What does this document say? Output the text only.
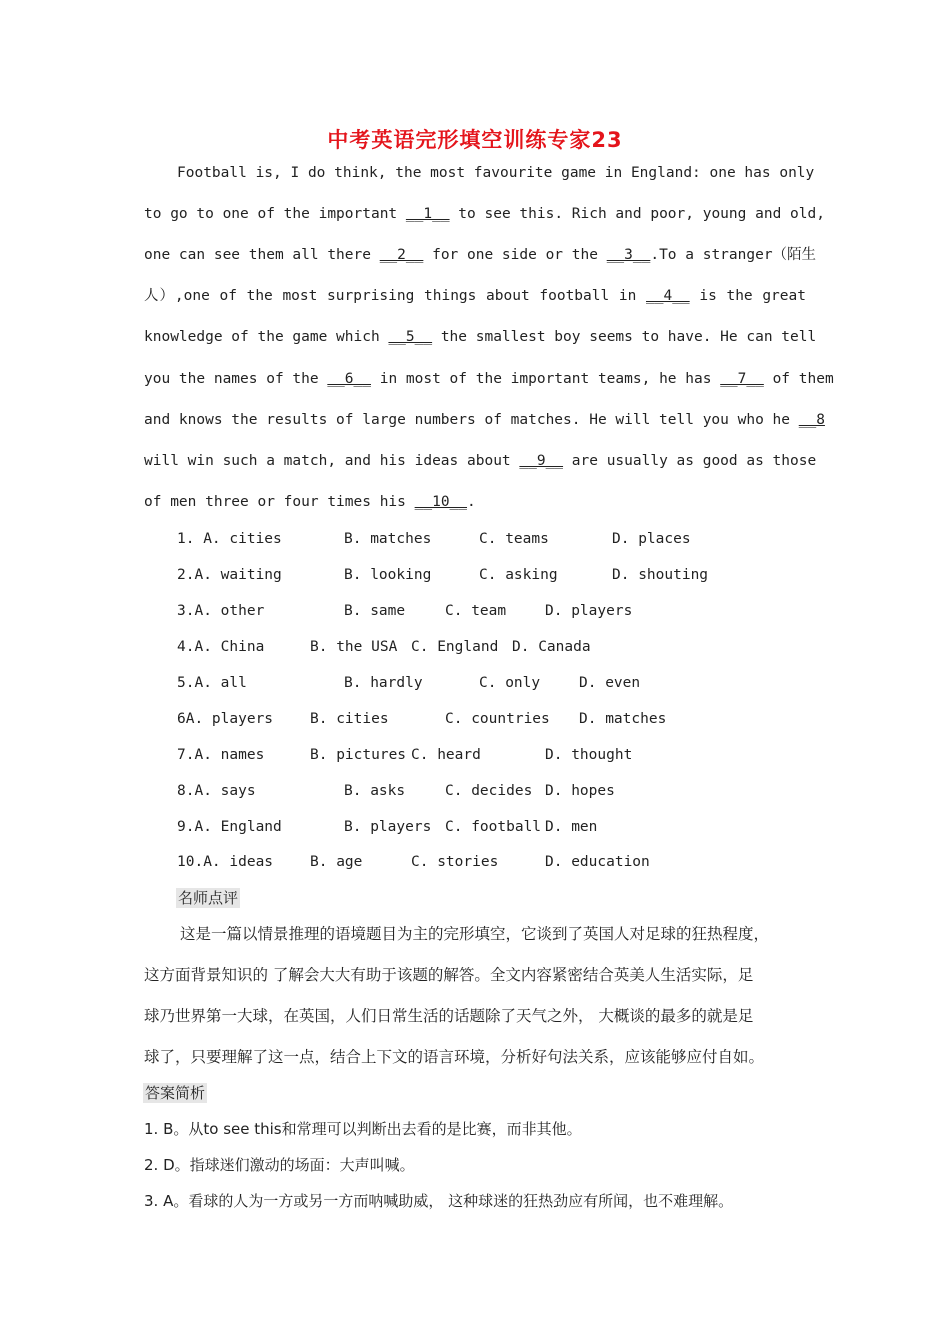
中考英语完形填空训练专家23
Football is, I do think, the most favourite game in England: one has only
to go to one of the important __1__ to see this. Rich and poor, young and old,
one can see them all there __2__ for one side or the __3__.To a stranger（陌生
人）,one of the most surprising things about football in __4__ is the great
knowledge of the game which __5__ the smallest boy seems to have. He can tell
you the names of the __6__ in most of the important teams, he has __7__ of them
and knows the results of large numbers of matches. He will tell you who he __8
will win such a match, and his ideas about __9__ are usually as good as those
of men three or four times his __10__.
1. A. cities	B. matches	C. teams	D. places
2.A. waiting	B. looking	C. asking	D. shouting
3.A. other	B. same	C. team	D. players
4.A. China	B. the USA C. England D. Canada
5.A. all	B. hardly	C. only	D. even
6A. players	B. cities	C. countries D. matches
7.A. names	B. pictures C. heard	D. thought
8.A. says	B. asks	C. decides D. hopes
9.A. England	B. players C. football D. men
10.A. ideas	B. age	C. stories	D. education
名师点评
这是一篇以情景推理的语境题目为主的完形填空，它谈到了英国人对足球的狂热程度，
这方面背景知识的 了解会大大有助于该题的解答。全文内容紧密结合英美人生活实际，足
球乃世界第一大球，在英国，人们日常生活的话题除了天气之外， 大概谈的最多的就是足
球了，只要理解了这一点，结合上下文的语言环境，分析好句法关系，应该能够应付自如。
答案简析
1. B。从to see this和常理可以判断出去看的是比赛，而非其他。
2. D。指球迷们激动的场面：大声叫喊。
3. A。看球的人为一方或另一方而呐喊助威， 这种球迷的狂热劲应有所闻，也不难理解。
